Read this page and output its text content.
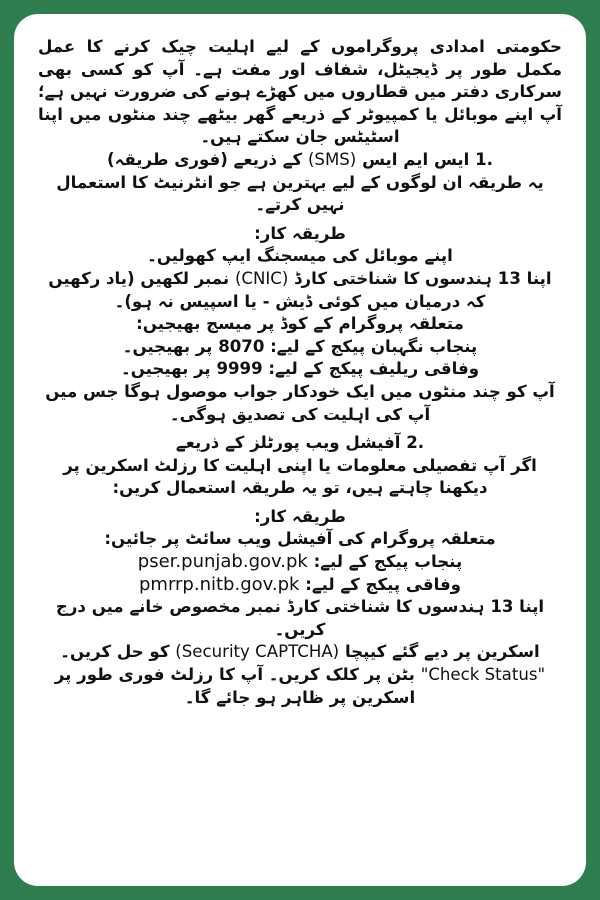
حکومتی امدادی پروگراموں کے لیے اہلیت چیک کرنے کا عمل مکمل طور پر ڈیجیٹل، شفاف اور مفت ہے۔ آپ کو کسی بھی سرکاری دفتر میں قطاروں میں کھڑے ہونے کی ضرورت نہیں ہے؛ آپ اپنے موبائل یا کمپیوٹر کے ذریعے گھر بیٹھے چند منٹوں میں اپنا اسٹیٹس جان سکتے ہیں۔

1. ایس ایم ایس (SMS) کے ذریعے (فوری طریقہ)

یہ طریقہ ان لوگوں کے لیے بہترین ہے جو انٹرنیٹ کا استعمال نہیں کرتے۔

طریقہ کار:

اپنے موبائل کی میسجنگ ایپ کھولیں۔

اپنا 13 ہندسوں کا شناختی کارڈ (CNIC) نمبر لکھیں (یاد رکھیں کہ درمیان میں کوئی ڈیش - یا اسپیس نہ ہو)۔

متعلقہ پروگرام کے کوڈ پر میسج بھیجیں:

پنجاب نگہبان پیکج کے لیے: 8070 پر بھیجیں۔

وفاقی ریلیف پیکج کے لیے: 9999 پر بھیجیں۔

آپ کو چند منٹوں میں ایک خودکار جواب موصول ہوگا جس میں آپ کی اہلیت کی تصدیق ہوگی۔

2. آفیشل ویب پورٹلز کے ذریعے

اگر آپ تفصیلی معلومات یا اپنی اہلیت کا رزلٹ اسکرین پر دیکھنا چاہتے ہیں، تو یہ طریقہ استعمال کریں:

طریقہ کار:

متعلقہ پروگرام کی آفیشل ویب سائٹ پر جائیں:

پنجاب پیکج کے لیے: pser.punjab.gov.pk

وفاقی پیکج کے لیے: pmrrp.nitb.gov.pk

اپنا 13 ہندسوں کا شناختی کارڈ نمبر مخصوص خانے میں درج کریں۔

اسکرین پر دیے گئے کیپچا (Security CAPTCHA) کو حل کریں۔

"Check Status" بٹن پر کلک کریں۔ آپ کا رزلٹ فوری طور پر اسکرین پر ظاہر ہو جائے گا۔
